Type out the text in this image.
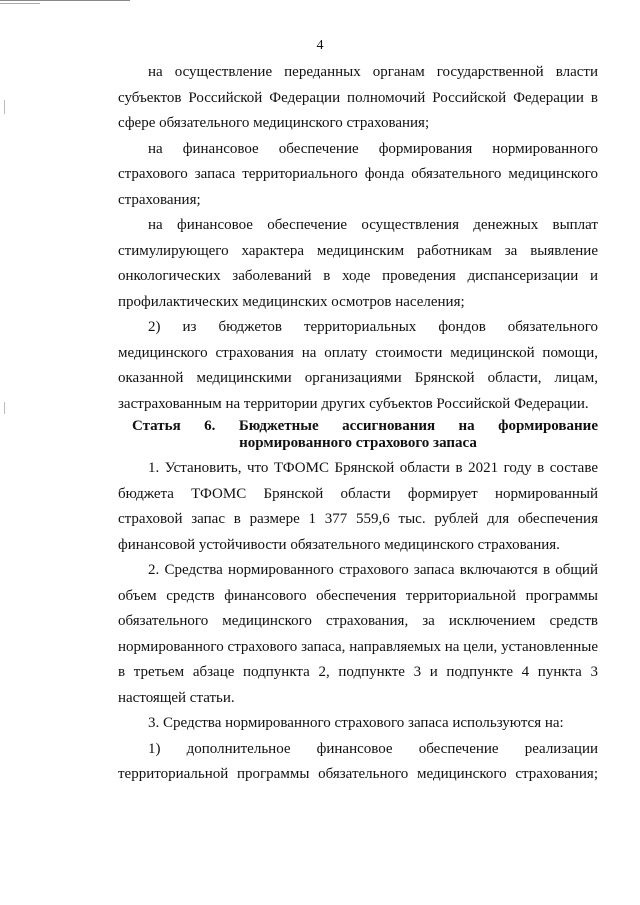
4

на осуществление переданных органам государственной власти субъектов Российской Федерации полномочий Российской Федерации в сфере обязательного медицинского страхования;

на финансовое обеспечение формирования нормированного страхового запаса территориального фонда обязательного медицинского страхования;

на финансовое обеспечение осуществления денежных выплат стимулирующего характера медицинским работникам за выявление онкологических заболеваний в ходе проведения диспансеризации и профилактических медицинских осмотров населения;

2) из бюджетов территориальных фондов обязательного медицинского страхования на оплату стоимости медицинской помощи, оказанной медицинскими организациями Брянской области, лицам, застрахованным на территории других субъектов Российской Федерации.

Статья 6. Бюджетные ассигнования на формирование
нормированного страхового запаса

1. Установить, что ТФОМС Брянской области в 2021 году в составе бюджета ТФОМС Брянской области формирует нормированный страховой запас в размере 1 377 559,6 тыс. рублей для обеспечения финансовой устойчивости обязательного медицинского страхования.

2. Средства нормированного страхового запаса включаются в общий объем средств финансового обеспечения территориальной программы обязательного медицинского страхования, за исключением средств нормированного страхового запаса, направляемых на цели, установленные в третьем абзаце подпункта 2, подпункте 3 и подпункте 4 пункта 3 настоящей статьи.

3. Средства нормированного страхового запаса используются на:

1) дополнительное финансовое обеспечение реализации территориальной программы обязательного медицинского страхования;
